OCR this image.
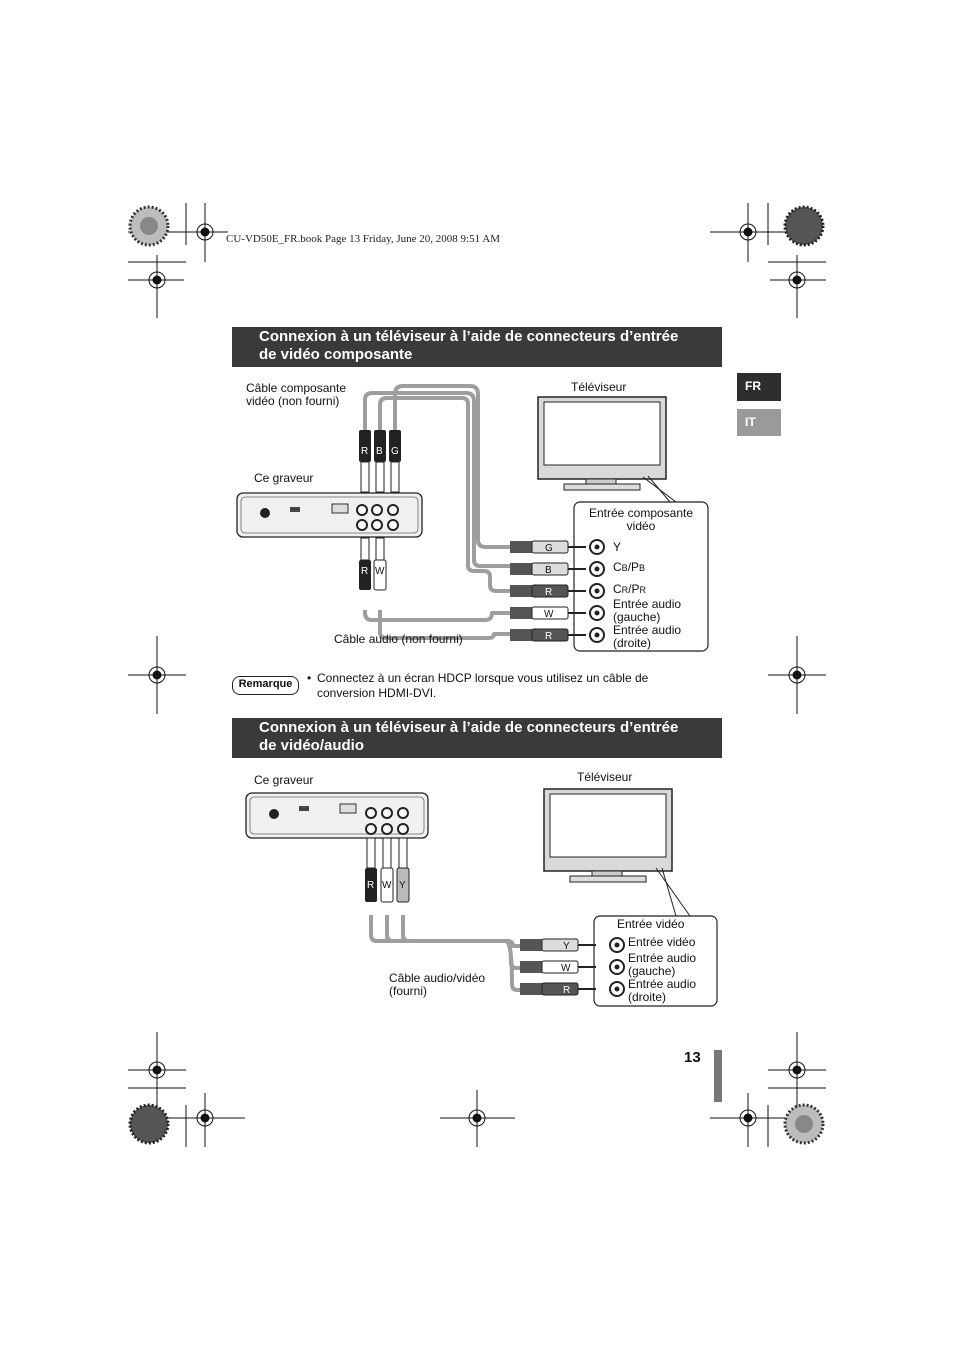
CU-VD50E_FR.book Page 13 Friday, June 20, 2008 9:51 AM
FR
IT
Connexion à un téléviseur à l’aide de connecteurs d’entrée
de vidéo composante
R B G
R W
G
B
R
W
R
Câble composante
vidéo (non fourni)
Téléviseur
Ce graveur
Entrée composante
vidéo
Y
CB/PB
CR/PR
Entrée audio
(gauche)
Entrée audio
(droite)
Câble audio (non fourni)
Remarque	• Connectez à un écran HDCP lorsque vous utilisez un câble de
conversion HDMI-DVI.
Connexion à un téléviseur à l’aide de connecteurs d’entrée
de vidéo/audio
R W Y
Y
W
R
Ce graveur	Téléviseur
Entrée vidéo
Entrée vidéo
Entrée audio
(gauche)
Entrée audio
(droite)
Câble audio/vidéo
(fourni)
13
